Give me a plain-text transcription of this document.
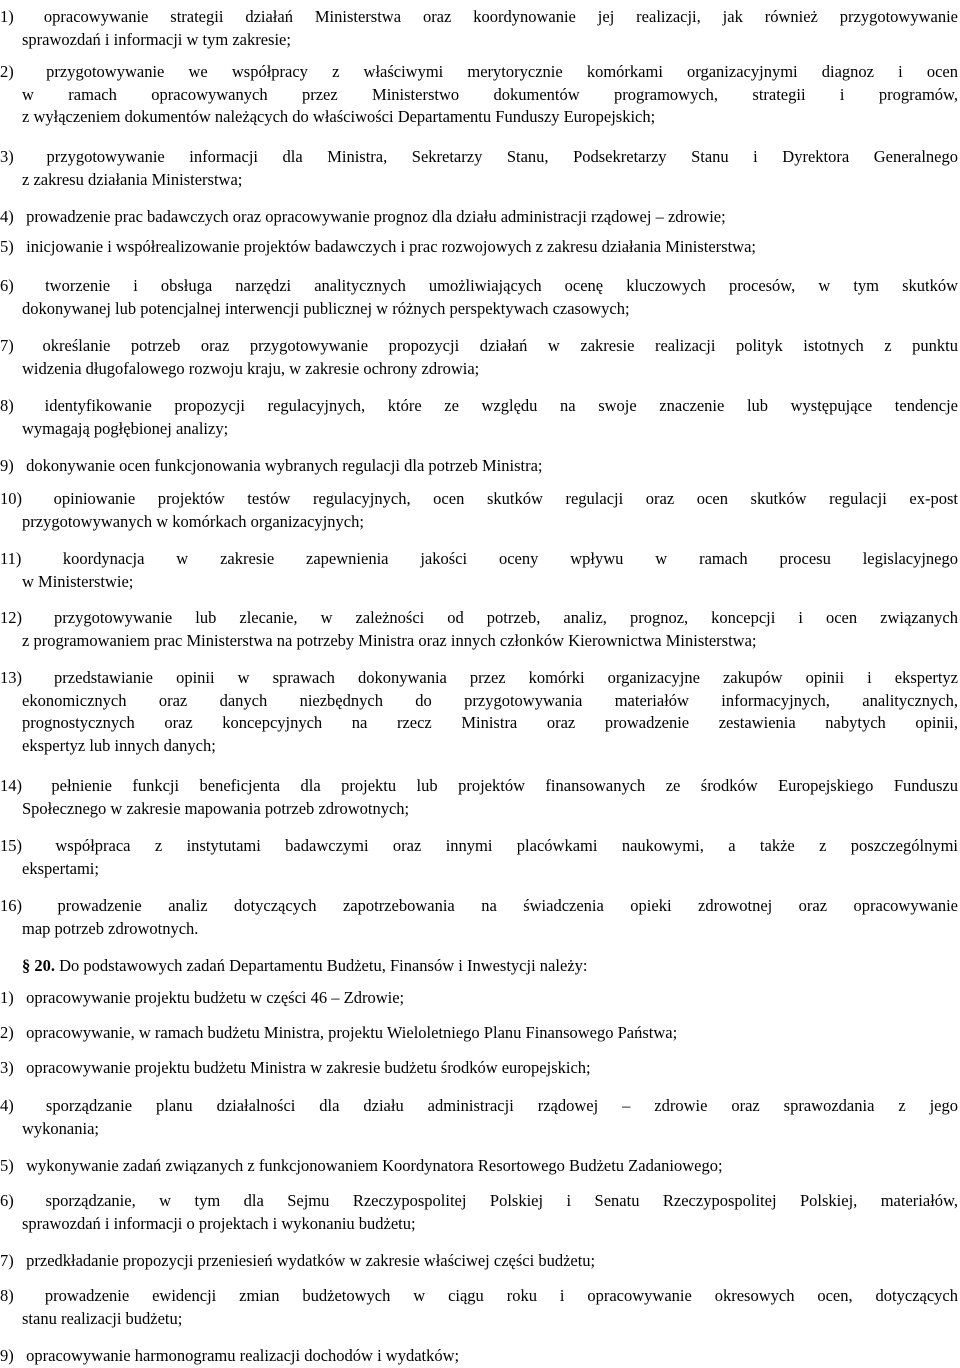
1) opracowywanie strategii działań Ministerstwa oraz koordynowanie jej realizacji, jak również przygotowywanie
sprawozdań i informacji w tym zakresie;
2) przygotowywanie we współpracy z właściwymi merytorycznie komórkami organizacyjnymi diagnoz i ocen
w ramach opracowywanych przez Ministerstwo dokumentów programowych, strategii i programów,
z wyłączeniem dokumentów należących do właściwości Departamentu Funduszy Europejskich;
3) przygotowywanie informacji dla Ministra, Sekretarzy Stanu, Podsekretarzy Stanu i Dyrektora Generalnego
z zakresu działania Ministerstwa;
4) prowadzenie prac badawczych oraz opracowywanie prognoz dla działu administracji rządowej – zdrowie;
5) inicjowanie i współrealizowanie projektów badawczych i prac rozwojowych z zakresu działania Ministerstwa;
6) tworzenie i obsługa narzędzi analitycznych umożliwiających ocenę kluczowych procesów, w tym skutków
dokonywanej lub potencjalnej interwencji publicznej w różnych perspektywach czasowych;
7) określanie potrzeb oraz przygotowywanie propozycji działań w zakresie realizacji polityk istotnych z punktu
widzenia długofalowego rozwoju kraju, w zakresie ochrony zdrowia;
8) identyfikowanie propozycji regulacyjnych, które ze względu na swoje znaczenie lub występujące tendencje
wymagają pogłębionej analizy;
9) dokonywanie ocen funkcjonowania wybranych regulacji dla potrzeb Ministra;
10) opiniowanie projektów testów regulacyjnych, ocen skutków regulacji oraz ocen skutków regulacji ex-post
przygotowywanych w komórkach organizacyjnych;
11) koordynacja w zakresie zapewnienia jakości oceny wpływu w ramach procesu legislacyjnego
w Ministerstwie;
12) przygotowywanie lub zlecanie, w zależności od potrzeb, analiz, prognoz, koncepcji i ocen związanych
z programowaniem prac Ministerstwa na potrzeby Ministra oraz innych członków Kierownictwa Ministerstwa;
13) przedstawianie opinii w sprawach dokonywania przez komórki organizacyjne zakupów opinii i ekspertyz
ekonomicznych oraz danych niezbędnych do przygotowywania materiałów informacyjnych, analitycznych,
prognostycznych oraz koncepcyjnych na rzecz Ministra oraz prowadzenie zestawienia nabytych opinii,
ekspertyz lub innych danych;
14) pełnienie funkcji beneficjenta dla projektu lub projektów finansowanych ze środków Europejskiego Funduszu
Społecznego w zakresie mapowania potrzeb zdrowotnych;
15) współpraca z instytutami badawczymi oraz innymi placówkami naukowymi, a także z poszczególnymi
ekspertami;
16) prowadzenie analiz dotyczących zapotrzebowania na świadczenia opieki zdrowotnej oraz opracowywanie
map potrzeb zdrowotnych.
§ 20. Do podstawowych zadań Departamentu Budżetu, Finansów i Inwestycji należy:
1) opracowywanie projektu budżetu w części 46 – Zdrowie;
2) opracowywanie, w ramach budżetu Ministra, projektu Wieloletniego Planu Finansowego Państwa;
3) opracowywanie projektu budżetu Ministra w zakresie budżetu środków europejskich;
4) sporządzanie planu działalności dla działu administracji rządowej – zdrowie oraz sprawozdania z jego
wykonania;
5) wykonywanie zadań związanych z funkcjonowaniem Koordynatora Resortowego Budżetu Zadaniowego;
6) sporządzanie, w tym dla Sejmu Rzeczypospolitej Polskiej i Senatu Rzeczypospolitej Polskiej, materiałów,
sprawozdań i informacji o projektach i wykonaniu budżetu;
7) przedkładanie propozycji przeniesień wydatków w zakresie właściwej części budżetu;
8) prowadzenie ewidencji zmian budżetowych w ciągu roku i opracowywanie okresowych ocen, dotyczących
stanu realizacji budżetu;
9) opracowywanie harmonogramu realizacji dochodów i wydatków;
